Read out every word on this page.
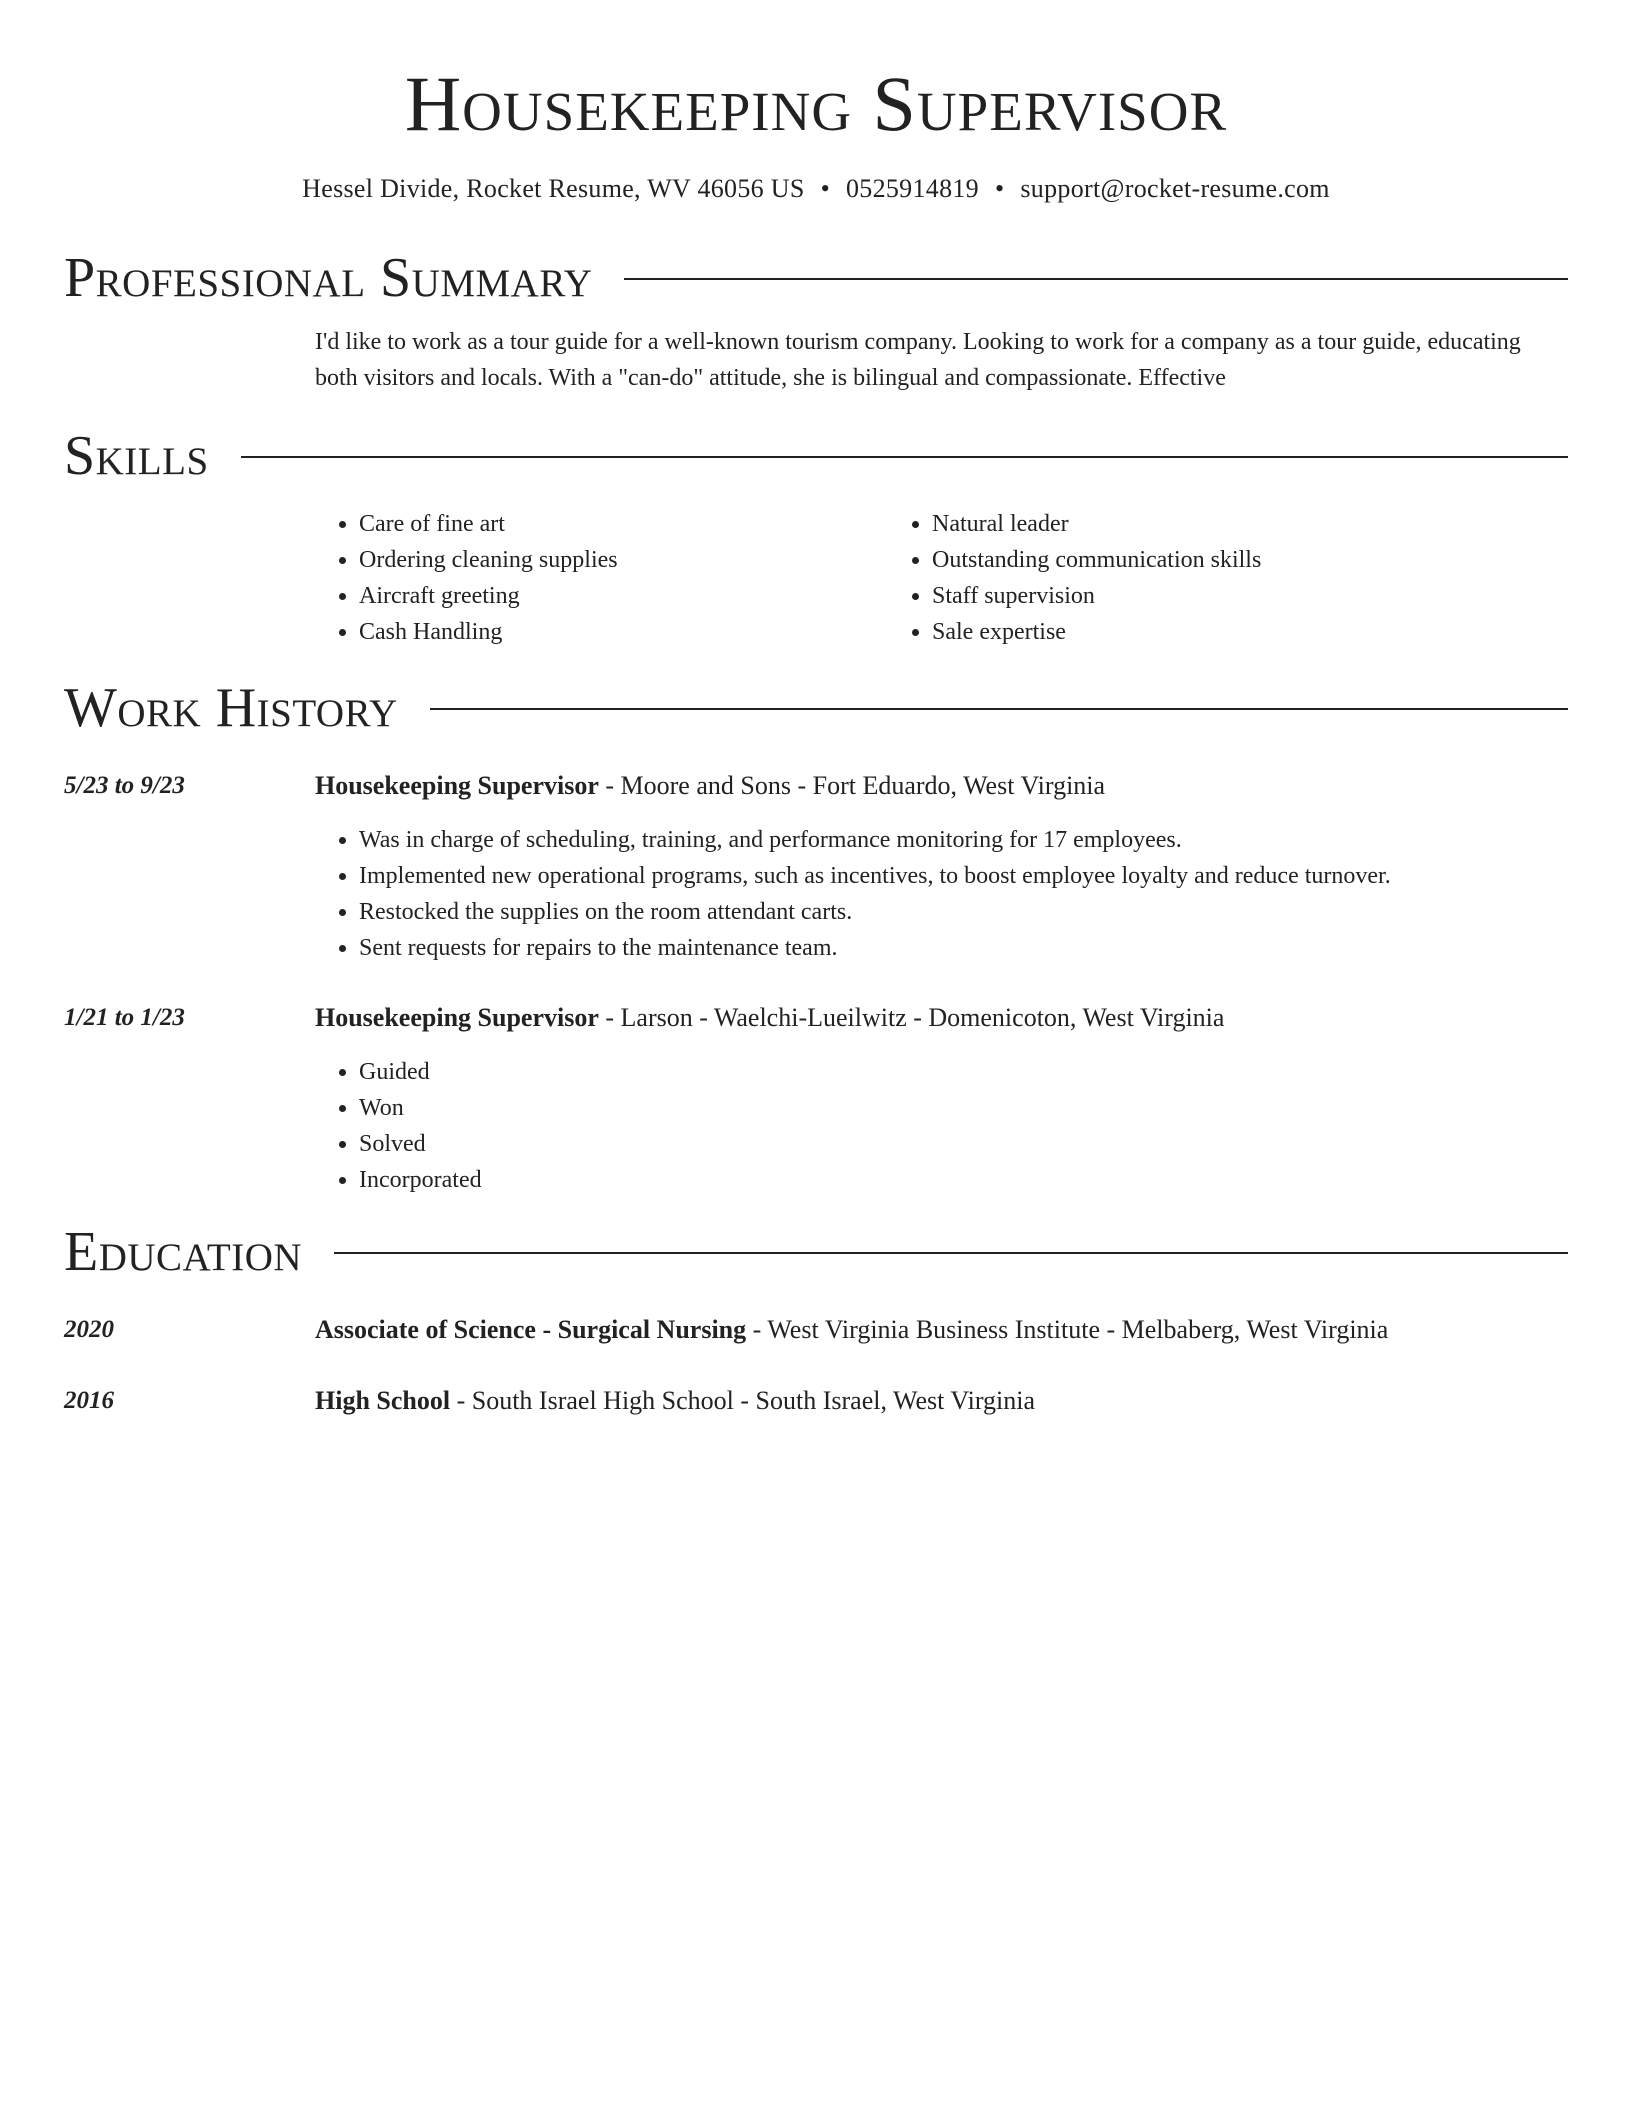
Housekeeping Supervisor
Hessel Divide, Rocket Resume, WV 46056 US • 0525914819 • support@rocket-resume.com
Professional Summary
I'd like to work as a tour guide for a well-known tourism company. Looking to work for a company as a tour guide, educating both visitors and locals. With a "can-do" attitude, she is bilingual and compassionate. Effective
Skills
• Care of fine art
• Ordering cleaning supplies
• Aircraft greeting
• Cash Handling
• Natural leader
• Outstanding communication skills
• Staff supervision
• Sale expertise
Work History
5/23 to 9/23	Housekeeping Supervisor - Moore and Sons - Fort Eduardo, West Virginia
• Was in charge of scheduling, training, and performance monitoring for 17 employees.
• Implemented new operational programs, such as incentives, to boost employee loyalty and reduce turnover.
• Restocked the supplies on the room attendant carts.
• Sent requests for repairs to the maintenance team.
1/21 to 1/23	Housekeeping Supervisor - Larson - Waelchi-Lueilwitz - Domenicoton, West Virginia
• Guided
• Won
• Solved
• Incorporated
Education
2020	Associate of Science - Surgical Nursing - West Virginia Business Institute - Melbaberg, West Virginia
2016	High School - South Israel High School - South Israel, West Virginia
